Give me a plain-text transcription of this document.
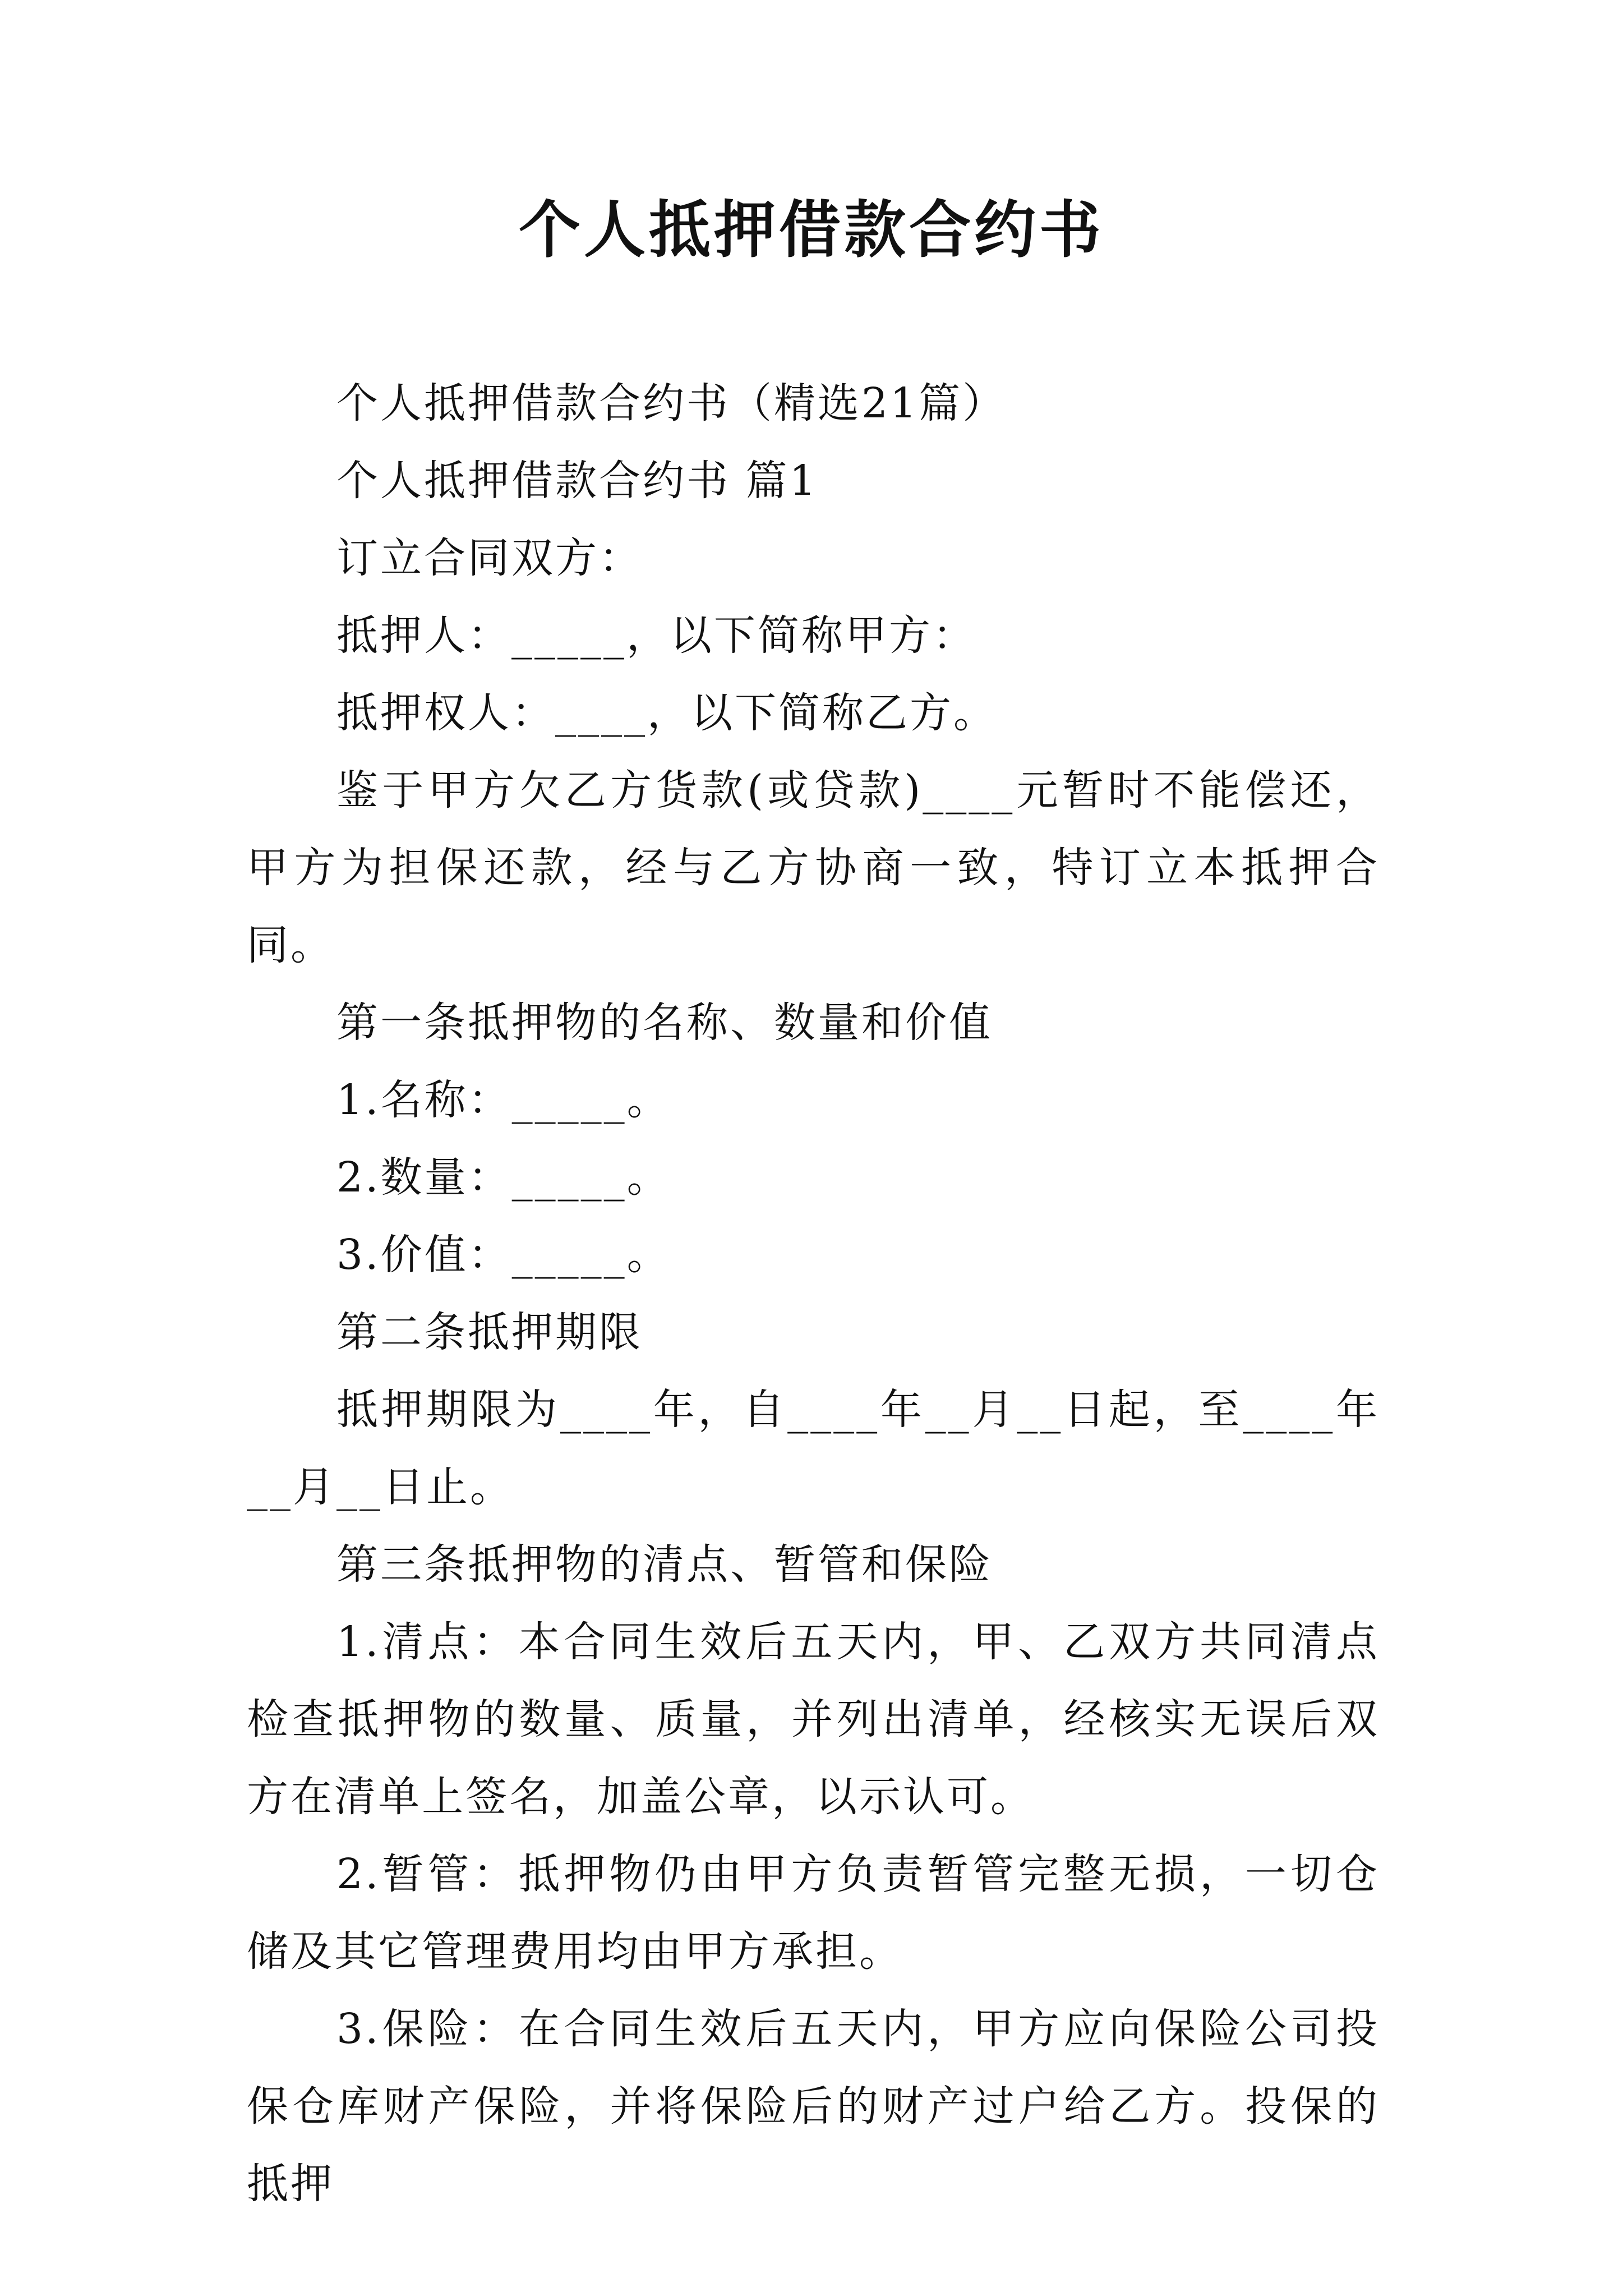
个人抵押借款合约书

个人抵押借款合约书（精选21篇）

个人抵押借款合约书 篇1

订立合同双方：

抵押人：_____，以下简称甲方：

抵押权人：____，以下简称乙方。

鉴于甲方欠乙方货款(或贷款)____元暂时不能偿还，甲方为担保还款，经与乙方协商一致，特订立本抵押合同。

第一条抵押物的名称、数量和价值

1.名称：_____。

2.数量：_____。

3.价值：_____。

第二条抵押期限

抵押期限为____年，自____年__月__日起，至____年__月__日止。

第三条抵押物的清点、暂管和保险

1.清点：本合同生效后五天内，甲、乙双方共同清点检查抵押物的数量、质量，并列出清单，经核实无误后双方在清单上签名，加盖公章，以示认可。

2.暂管：抵押物仍由甲方负责暂管完整无损，一切仓储及其它管理费用均由甲方承担。

3.保险：在合同生效后五天内，甲方应向保险公司投保仓库财产保险，并将保险后的财产过户给乙方。投保的抵押
